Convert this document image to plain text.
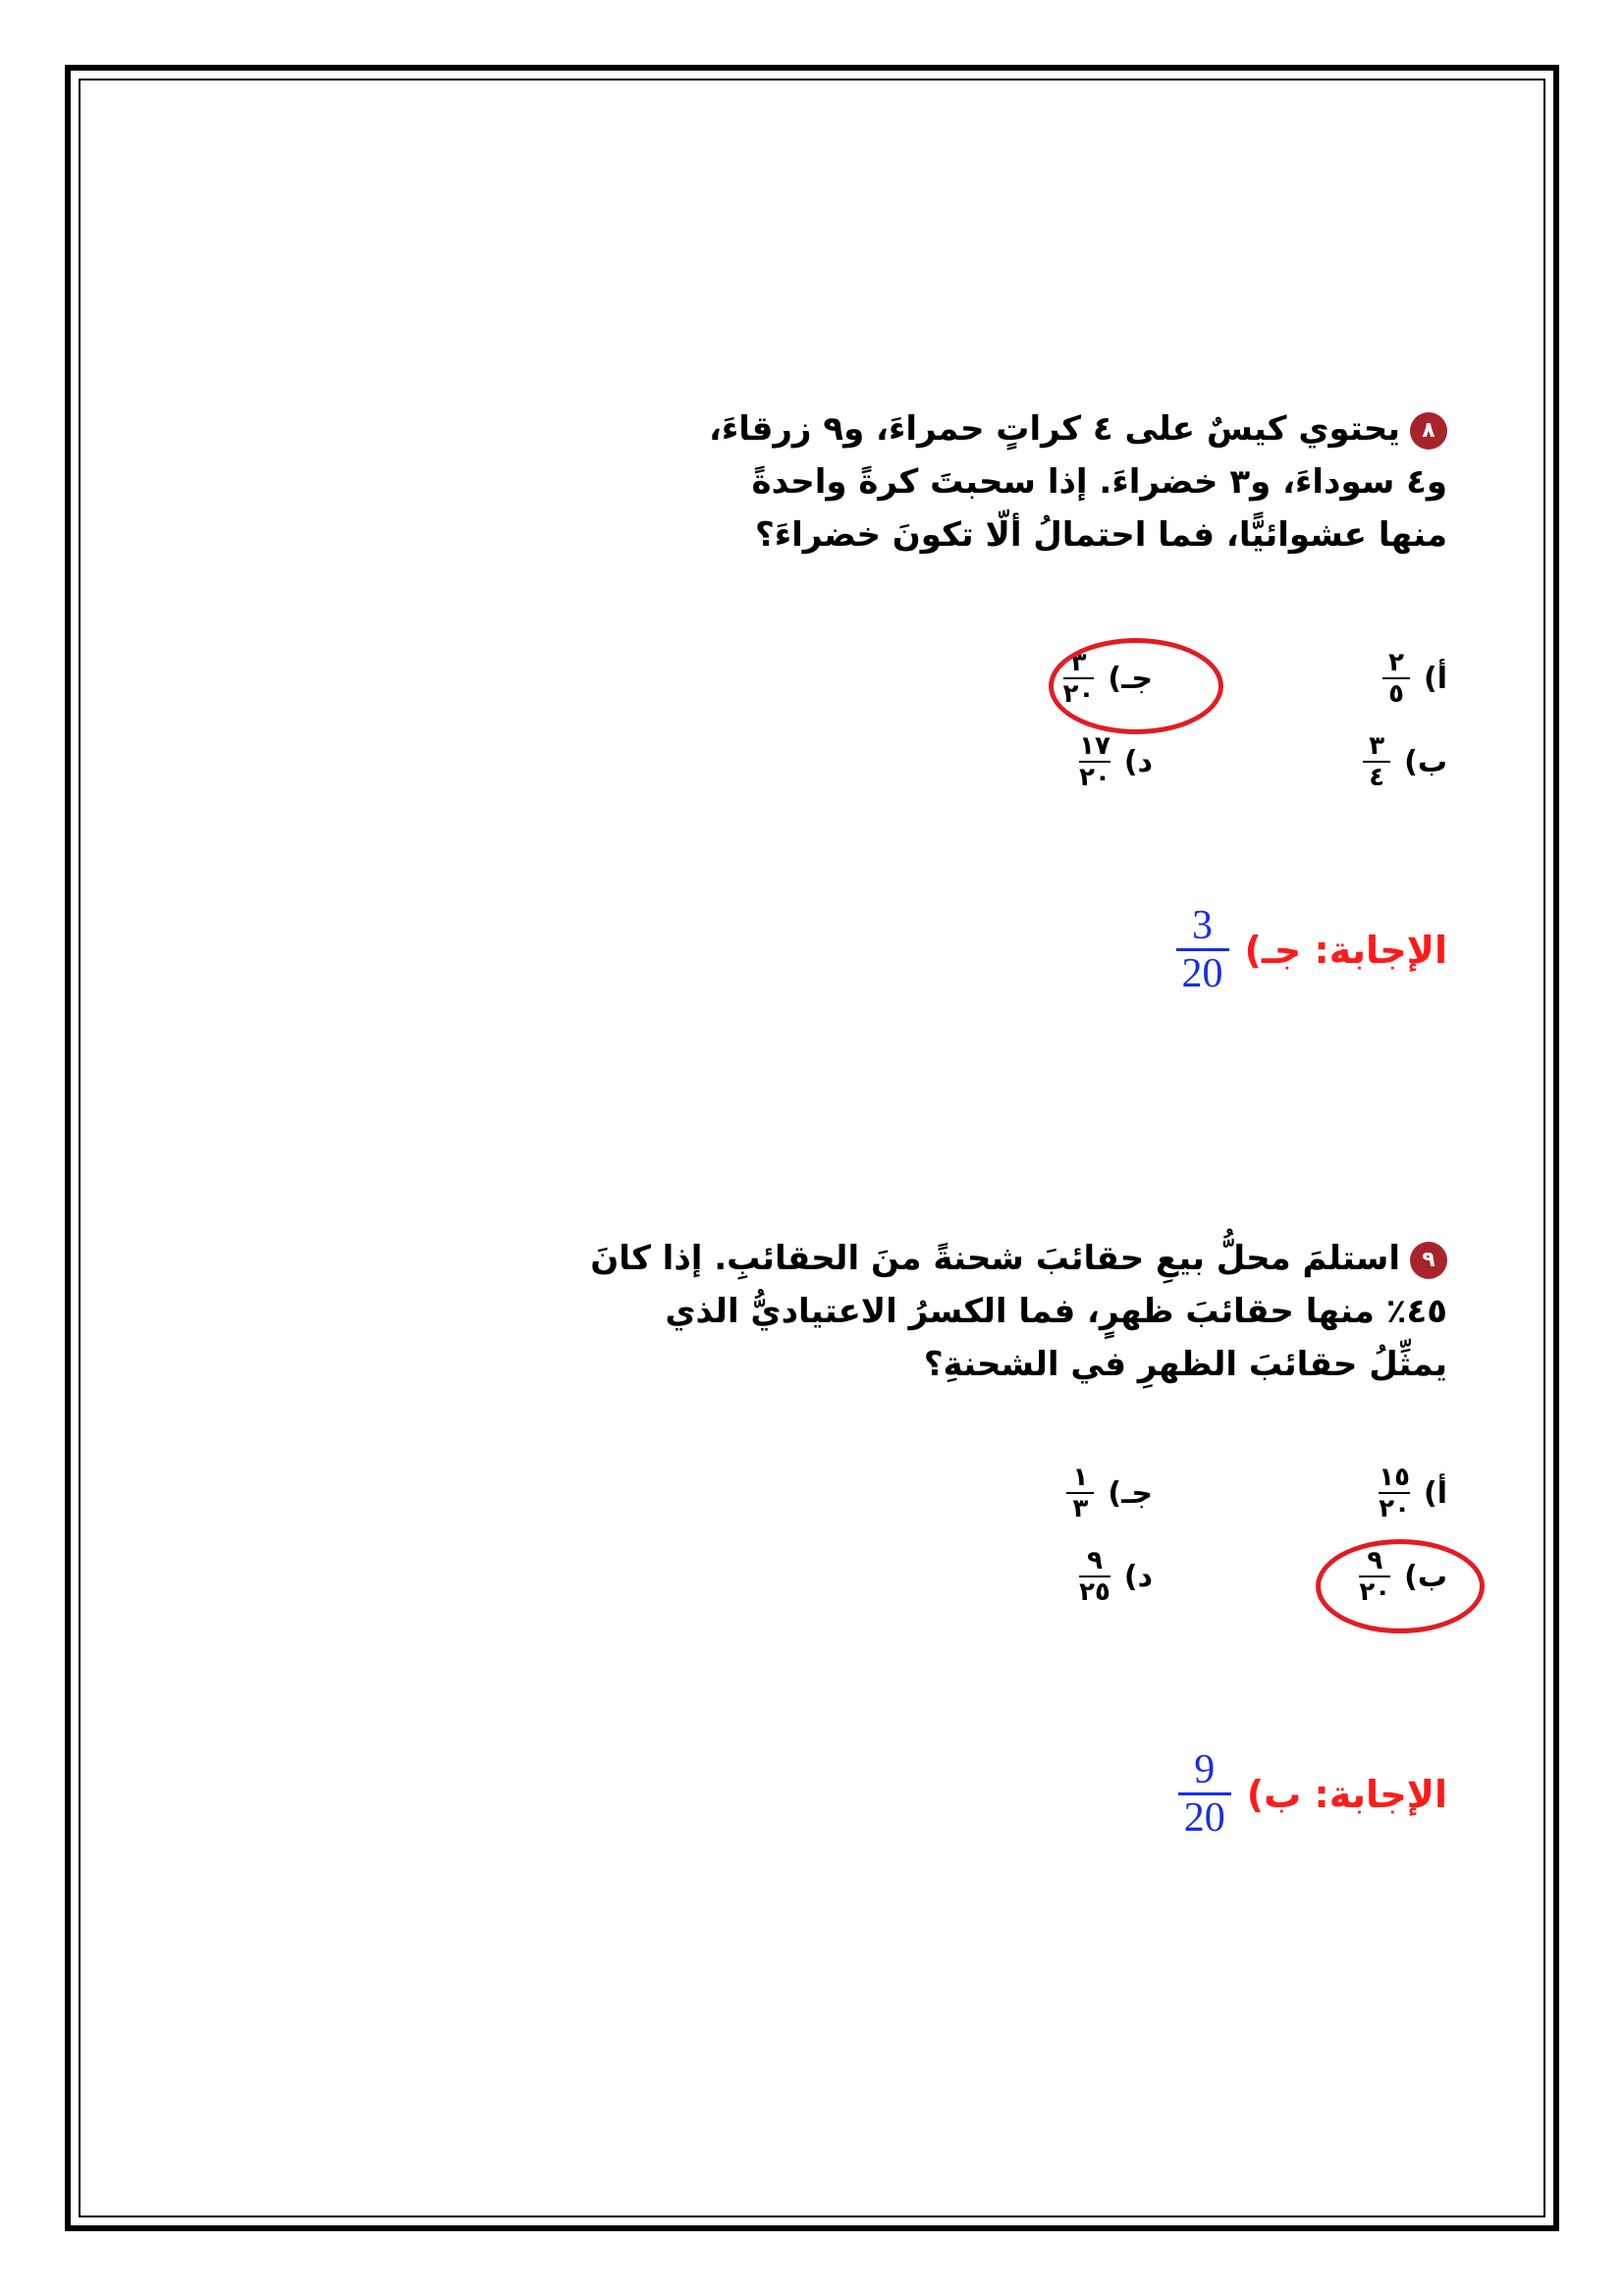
٨يحتوي كيسٌ على ٤ كراتٍ حمراءَ، و٩ زرقاءَ،
و٤ سوداءَ، و٣ خضراءَ. إذا سحبتَ كرةً واحدةً
منها عشوائيًّا، فما احتمالُ ألّا تكونَ خضراءَ؟
أ)
$\frac{٢}{٥}$
جـ)
$\frac{٣}{٢٠}$
ب)
$\frac{٣}{٤}$
د)
$\frac{١٧}{٢٠}$
الإجابة: جـ)
$\frac{3}{20}$
٩استلمَ محلُّ بيعِ حقائبَ شحنةً منَ الحقائبِ. إذا كانَ
٤٥٪ منها حقائبَ ظهرٍ، فما الكسرُ الاعتياديُّ الذي
يمثِّلُ حقائبَ الظهرِ في الشحنةِ؟
أ)
$\frac{١٥}{٢٠}$
جـ)
$\frac{١}{٣}$
ب)
$\frac{٩}{٢٠}$
د)
$\frac{٩}{٢٥}$
الإجابة: ب)
$\frac{9}{20}$
